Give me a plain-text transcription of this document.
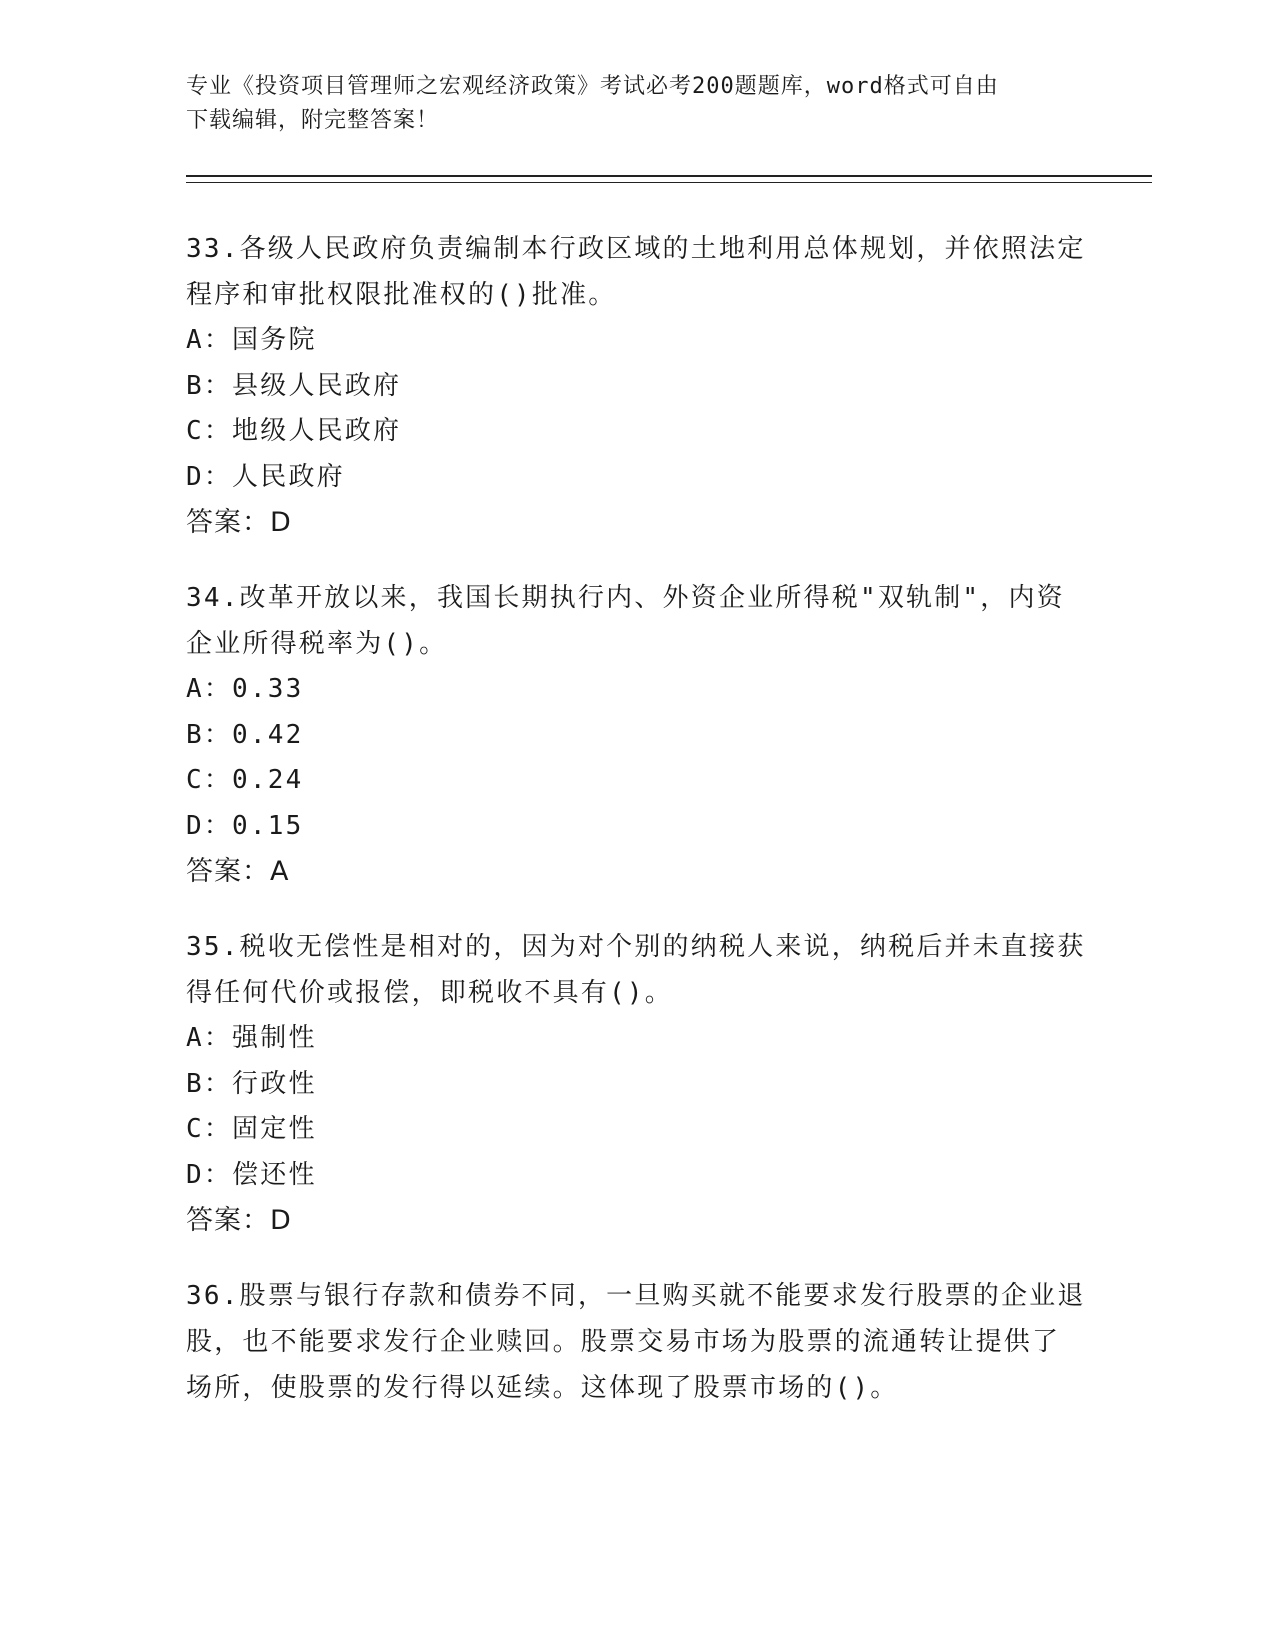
专业《投资项目管理师之宏观经济政策》考试必考200题题库，word格式可自由
下载编辑，附完整答案！

33.各级人民政府负责编制本行政区域的土地利用总体规划，并依照法定程序和审批权限批准权的()批准。

A：国务院

B：县级人民政府

C：地级人民政府

D：人民政府

答案：D

34.改革开放以来，我国长期执行内、外资企业所得税"双轨制"，内资企业所得税率为()。

A：0.33

B：0.42

C：0.24

D：0.15

答案：A

35.税收无偿性是相对的，因为对个别的纳税人来说，纳税后并未直接获得任何代价或报偿，即税收不具有()。

A：强制性

B：行政性

C：固定性

D：偿还性

答案：D

36.股票与银行存款和债券不同，一旦购买就不能要求发行股票的企业退股，也不能要求发行企业赎回。股票交易市场为股票的流通转让提供了场所，使股票的发行得以延续。这体现了股票市场的()。
